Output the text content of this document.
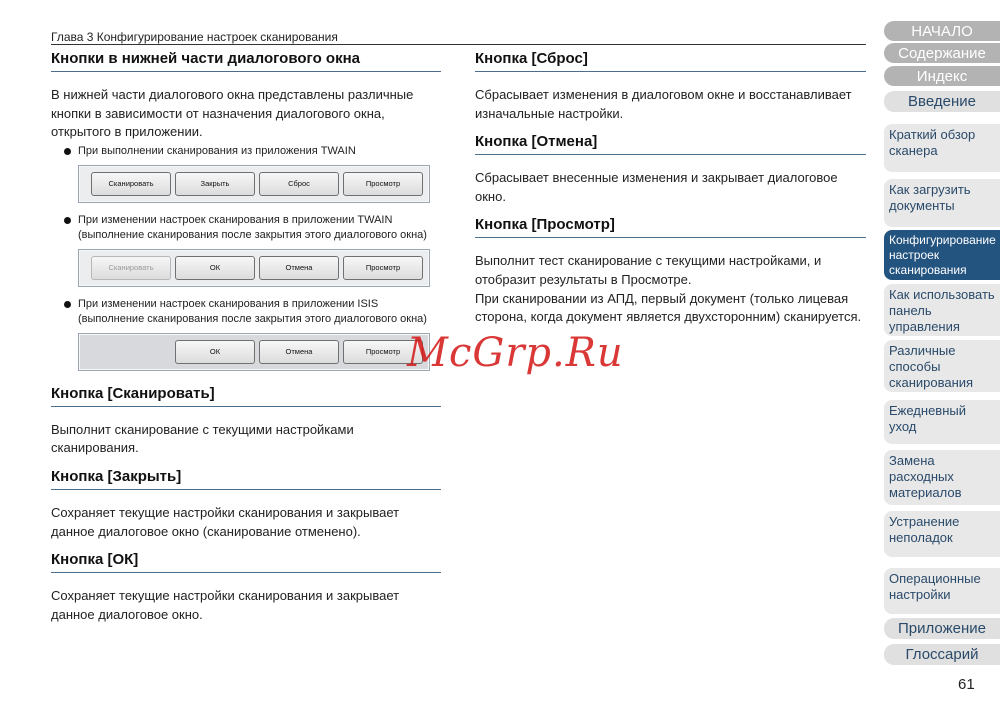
Глава 3 Конфигурирование настроек сканирования
Кнопки в нижней части диалогового окна
В нижней части диалогового окна представлены различные кнопки в зависимости от назначения диалогового окна, открытого в приложении.
При выполнении сканирования из приложения TWAIN
Сканировать	Закрыть	Сброс	Просмотр
При изменении настроек сканирования в приложении TWAIN (выполнение сканирования после закрытия этого диалогового окна)
Сканировать	ОК	Отмена	Просмотр
При изменении настроек сканирования в приложении ISIS (выполнение сканирования после закрытия этого диалогового окна)
ОК	Отмена	Просмотр
Кнопка [Сканировать]
Выполнит сканирование с текущими настройками сканирования.
Кнопка [Закрыть]
Сохраняет текущие настройки сканирования и закрывает данное диалоговое окно (сканирование отменено).
Кнопка [ОК]
Сохраняет текущие настройки сканирования и закрывает данное диалоговое окно.
Кнопка [Сброс]
Сбрасывает изменения в диалоговом окне и восстанавливает
изначальные настройки.
Кнопка [Отмена]
Сбрасывает внесенные изменения и закрывает диалоговое окно.
Кнопка [Просмотр]
Выполнит тест сканирование с текущими настройками, и отобразит результаты в Просмотре.
При сканировании из АПД, первый документ (только лицевая сторона, когда документ является двухсторонним) сканируется.
McGrp.Ru
НАЧАЛО
Содержание
Индекс
Введение
Краткий обзор сканера
Как загрузить документы
Конфигурирование настроек сканирования
Как использовать панель управления
Различные способы сканирования
Ежедневный уход
Замена расходных материалов
Устранение неполадок
Операционные настройки
Приложение
Глоссарий
61
